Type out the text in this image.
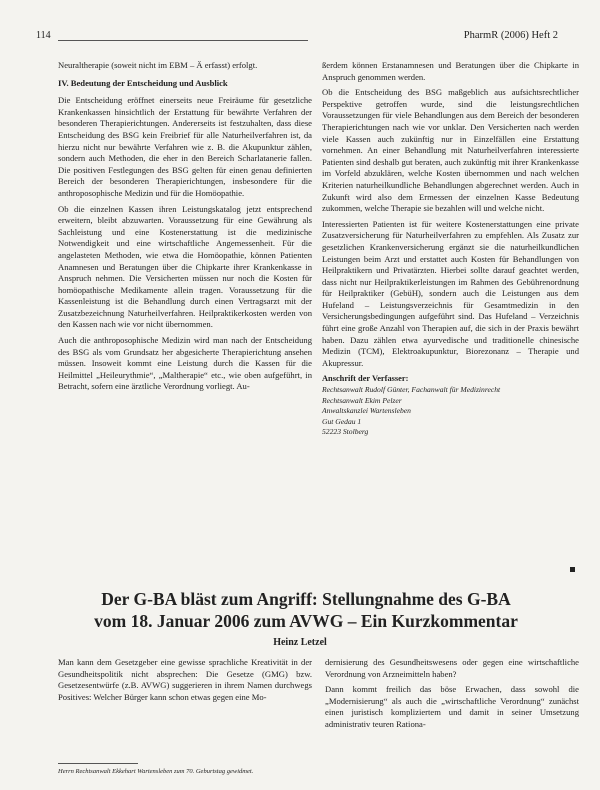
114	PharmR (2006) Heft 2

Neuraltherapie (soweit nicht im EBM – Ä erfasst) erfolgt.

IV. Bedeutung der Entscheidung und Ausblick

Die Entscheidung eröffnet einerseits neue Freiräume für gesetzliche Krankenkassen hinsichtlich der Erstattung für bewährte Verfahren der besonderen Therapierichtungen. Andererseits ist festzuhalten, dass diese Entscheidung des BSG kein Freibrief für alle Naturheilverfahren ist, da hierzu nicht nur bewährte Verfahren wie z. B. die Akupunktur zählen, sondern auch Methoden, die eher in den Bereich Scharlatanerie fallen. Die positiven Festlegungen des BSG gelten für einen genau definierten Bereich der besonderen Therapierichtungen, insbesondere für die anthroposophische Medizin und für die Homöopathie.

Ob die einzelnen Kassen ihren Leistungskatalog jetzt entsprechend erweitern, bleibt abzuwarten. Voraussetzung für eine Gewährung als Sachleistung und eine Kostenerstattung ist die medizinische Notwendigkeit und eine wirtschaftliche Angemessenheit. Für die angelasteten Methoden, wie etwa die Homöopathie, können Patienten Anamnesen und Beratungen über die Chipkarte ihrer Krankenkasse in Anspruch nehmen. Die Versicherten müssen nur noch die Kosten für homöopathische Medikamente allein tragen. Voraussetzung für die Kassenleistung ist die Behandlung durch einen Vertragsarzt mit der Zusatzbezeichnung Naturheilverfahren. Heilpraktikerkosten werden von den Kassen nach wie vor nicht übernommen.

Auch die anthroposophische Medizin wird man nach der Entscheidung des BSG als vom Grundsatz her abgesicherte Therapierichtung ansehen müssen. Insoweit kommt eine Leistung durch die Kassen für die Heilmittel „Heileurythmie“, „Maltherapie“ etc., wie oben aufgeführt, in Betracht, sofern eine ärztliche Verordnung vorliegt. Au-

ßerdem können Erstanamnesen und Beratungen über die Chipkarte in Anspruch genommen werden.

Ob die Entscheidung des BSG maßgeblich aus aufsichtsrechtlicher Perspektive getroffen wurde, sind die leistungsrechtlichen Voraussetzungen für viele Behandlungen aus dem Bereich der besonderen Therapierichtungen nach wie vor unklar. Den Versicherten nach werden viele Kassen auch zukünftig nur in Einzelfällen eine Erstattung vornehmen. An einer Behandlung mit Naturheilverfahren interessierte Patienten sind deshalb gut beraten, auch zukünftig mit ihrer Krankenkasse im Vorfeld abzuklären, welche Kosten übernommen und nach welchen Kriterien naturheilkundliche Behandlungen abgerechnet werden. Auch in Zukunft wird also dem Ermessen der einzelnen Kasse Bedeutung zukommen, welche Therapie sie bezahlen will und welche nicht.

Interessierten Patienten ist für weitere Kostenerstattungen eine private Zusatzversicherung für Naturheilverfahren zu empfehlen. Als Zusatz zur gesetzlichen Krankenversicherung ergänzt sie die naturheilkundlichen Leistungen beim Arzt und erstattet auch Kosten für Behandlungen von Heilpraktikern und Privatärzten. Hierbei sollte darauf geachtet werden, dass nicht nur Heilpraktikerleistungen im Rahmen des Gebührenordnung für Heilpraktiker (GebüH), sondern auch die Leistungen aus dem Hufeland – Leistungsverzeichnis für Gesamtmedizin in den Versicherungsbedingungen aufgeführt sind. Das Hufeland – Verzeichnis führt eine große Anzahl von Therapien auf, die sich in der Praxis bewährt haben. Dazu zählen etwa ayurvedische und traditionelle chinesische Medizin (TCM), Elektroakupunktur, Biorezonanz – Therapie und Akupressur.

Anschrift der Verfasser:
Rechtsanwalt Rudolf Günter, Fachanwalt für Medizinrecht
Rechtsanwalt Ekim Pelzer
Anwaltskanzlei Wartensleben
Gut Gedau 1
52223 Stolberg
Der G-BA bläst zum Angriff: Stellungnahme des G-BA
vom 18. Januar 2006 zum AVWG – Ein Kurzkommentar
Heinz Letzel

Man kann dem Gesetzgeber eine gewisse sprachliche Kreativität in der Gesundheitspolitik nicht absprechen: Die Gesetze (GMG) bzw. Gesetzesentwürfe (z.B. AVWG) suggerieren in ihrem Namen durchwegs Positives: Welcher Bürger kann schon etwas gegen eine Mo-

dernisierung des Gesundheitswesens oder gegen eine wirtschaftliche Verordnung von Arzneimitteln haben?

Dann kommt freilich das böse Erwachen, dass sowohl die „Modernisierung“ als auch die „wirtschaftliche Verordnung“ zunächst einen juristisch kompliziertem und damit in seiner Umsetzung administrativ teuren Rationa-

Herrn Rechtsanwalt Ekkehart Wartensleben zum 70. Geburtstag gewidmet.
